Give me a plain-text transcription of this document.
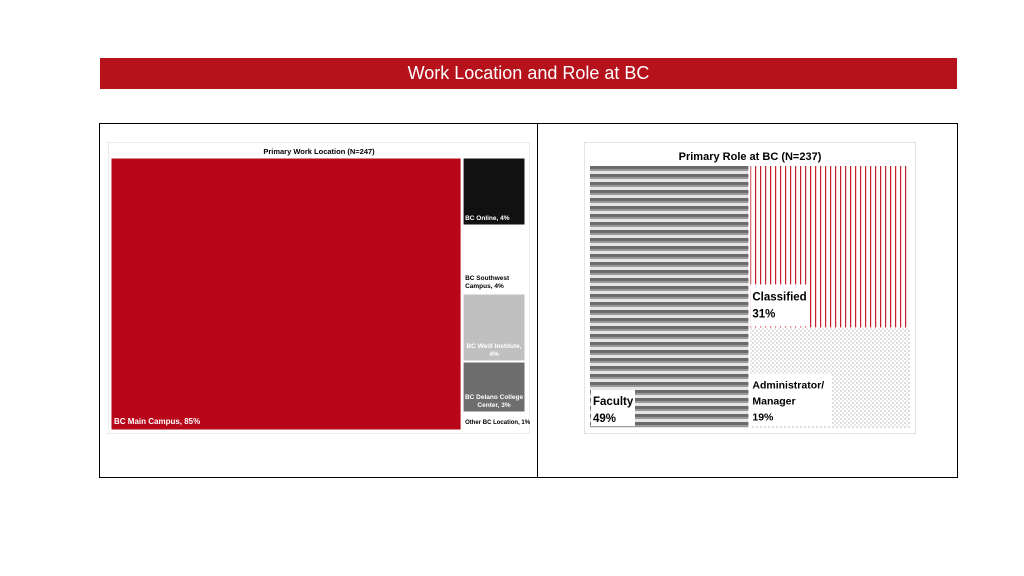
Work Location and Role at BC
Primary Work Location (N=247)
BC Main Campus, 85%
BC Online, 4%
BC Southwest Campus, 4%
BC Weill Institute, 4%
BC Delano College Center, 3%
Other BC Location, 1%
Primary Role at BC (N=237)
Faculty 49%
Classified 31%
Administrator/ Manager 19%
